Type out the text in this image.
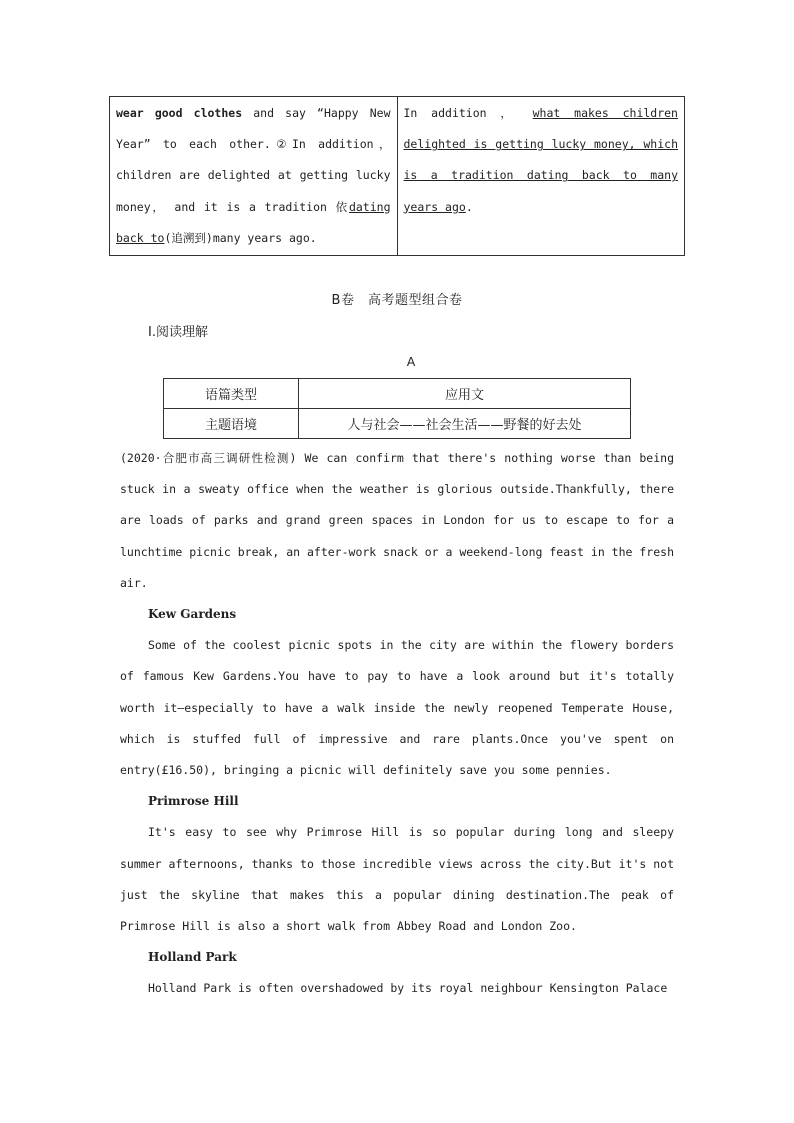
wear good clothes and say “Happy New Year” to each other.②In addition， children are delighted at getting lucky money， and it is a tradition 依dating back to(追溯到)many years ago.	In addition ， what makes children delighted is getting lucky money, which is a tradition dating back to many years ago.
B卷　高考题型组合卷
Ⅰ.阅读理解
A
语篇类型	应用文
主题语境	人与社会——社会生活——野餐的好去处

(2020·合肥市高三调研性检测) We can confirm that there's nothing worse than being stuck in a sweaty office when the weather is glorious outside.Thankfully, there are loads of parks and grand green spaces in London for us to escape to for a lunchtime picnic break, an after-work snack or a weekend-long feast in the fresh air.

Kew Gardens

Some of the coolest picnic spots in the city are within the flowery borders of famous Kew Gardens.You have to pay to have a look around but it's totally worth it—especially to have a walk inside the newly reopened Temperate House, which is stuffed full of impressive and rare plants.Once you've spent on entry(£16.50), bringing a picnic will definitely save you some pennies.

Primrose Hill

It's easy to see why Primrose Hill is so popular during long and sleepy summer afternoons, thanks to those incredible views across the city.But it's not just the skyline that makes this a popular dining destination.The peak of Primrose Hill is also a short walk from Abbey Road and London Zoo.

Holland Park

Holland Park is often overshadowed by its royal neighbour Kensington Palace
